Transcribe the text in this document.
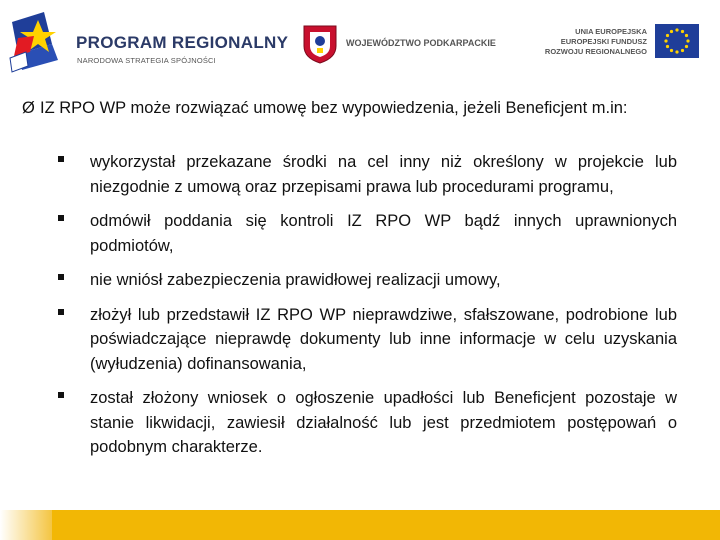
PROGRAM REGIONALNY
NARODOWA STRATEGIA SPÓJNOŚCI
WOJEWÓDZTWO PODKARPACKIE
UNIA EUROPEJSKA
EUROPEJSKI FUNDUSZ
ROZWOJU REGIONALNEGO
Ø IZ RPO WP może rozwiązać umowę bez wypowiedzenia, jeżeli Beneficjent m.in:
wykorzystał przekazane środki na cel inny niż określony w projekcie lub niezgodnie z umową oraz przepisami prawa lub procedurami programu,
odmówił poddania się kontroli IZ RPO WP bądź innych uprawnionych podmiotów,
nie wniósł zabezpieczenia prawidłowej realizacji umowy,
złożył lub przedstawił IZ RPO WP nieprawdziwe, sfałszowane, podrobione lub poświadczające nieprawdę dokumenty lub inne informacje w celu uzyskania (wyłudzenia) dofinansowania,
został złożony wniosek o ogłoszenie upadłości lub Beneficjent pozostaje w stanie likwidacji, zawiesił działalność lub jest przedmiotem postępowań o podobnym charakterze.
